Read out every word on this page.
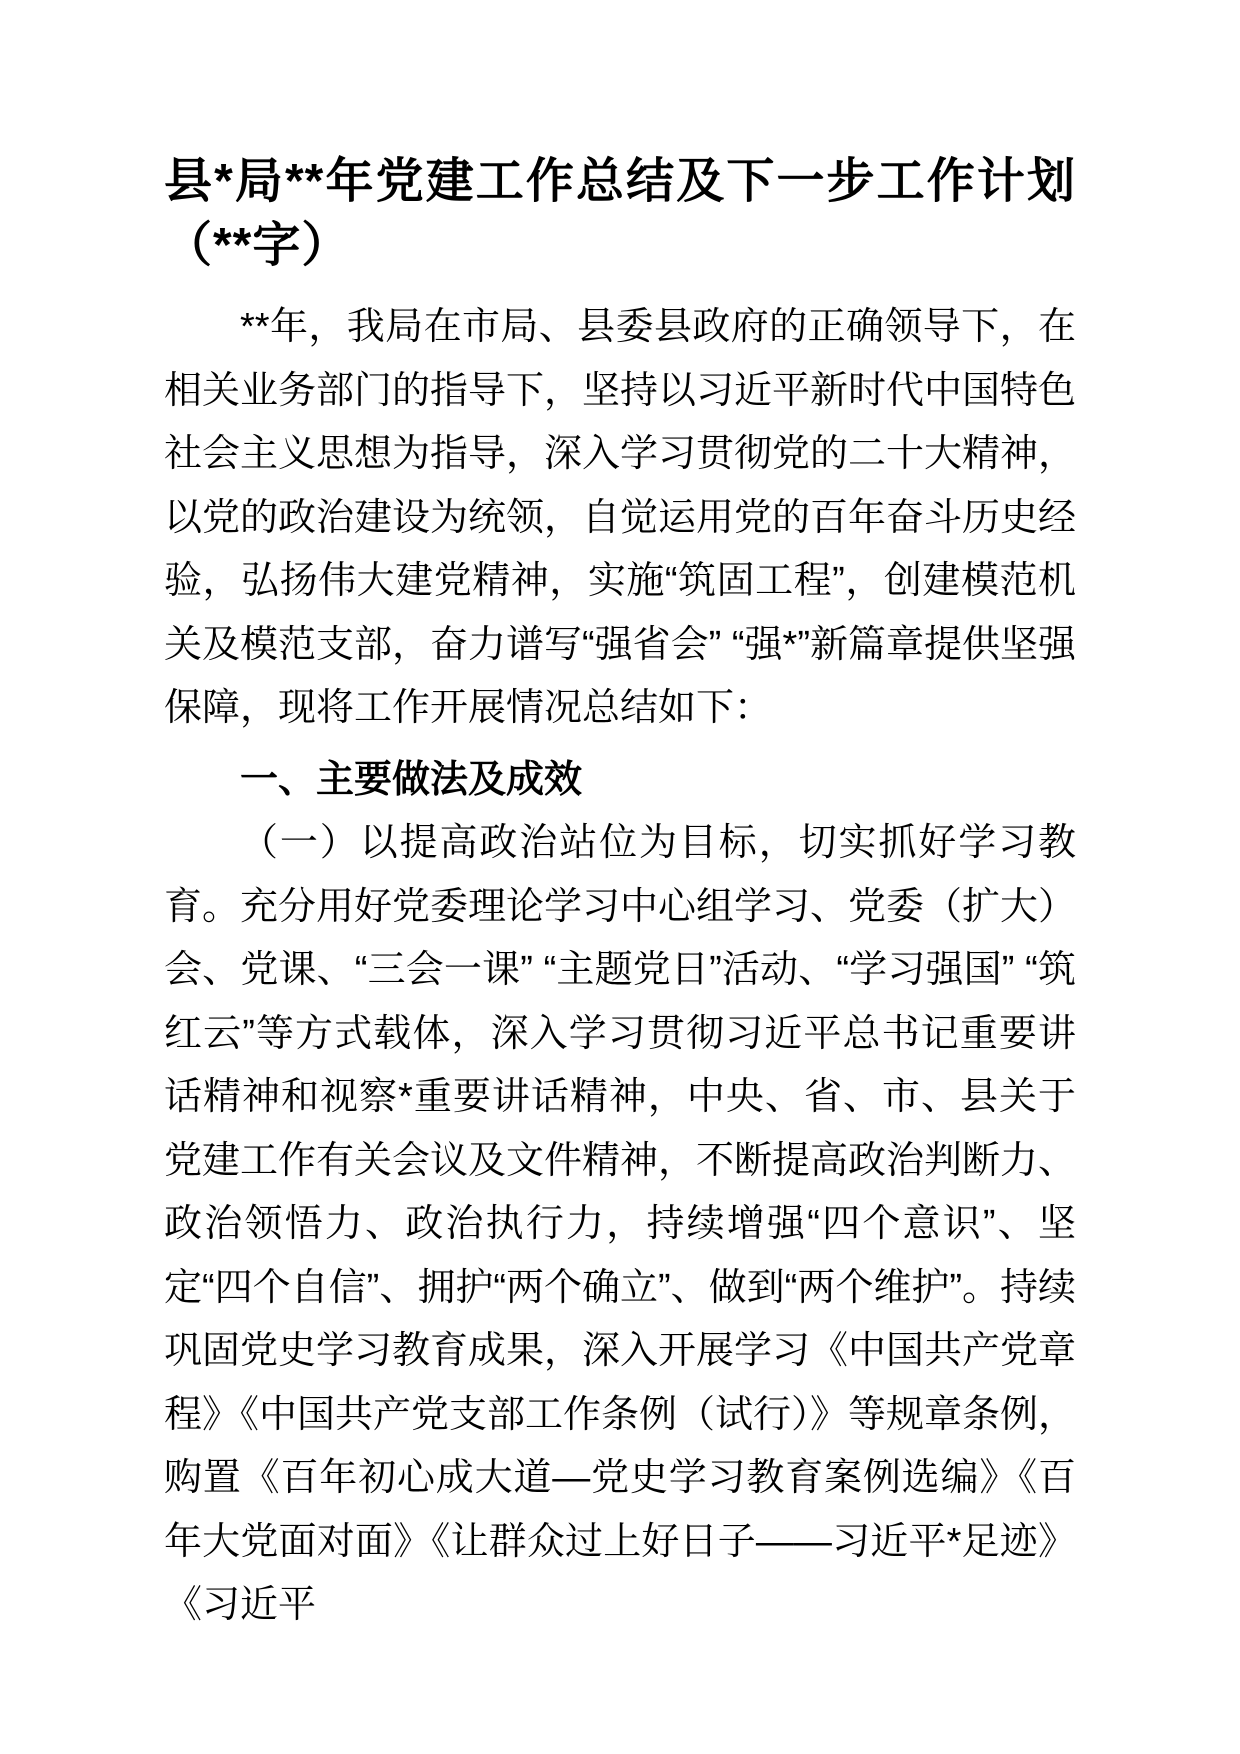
县*局**年党建工作总结及下一步工作计划（**字）

**年，我局在市局、县委县政府的正确领导下，在相关业务部门的指导下，坚持以习近平新时代中国特色社会主义思想为指导，深入学习贯彻党的二十大精神，以党的政治建设为统领，自觉运用党的百年奋斗历史经验，弘扬伟大建党精神，实施“筑固工程”，创建模范机关及模范支部，奋力谱写“强省会” “强*”新篇章提供坚强保障，现将工作开展情况总结如下：

一、主要做法及成效

（一）以提高政治站位为目标，切实抓好学习教育。充分用好党委理论学习中心组学习、党委（扩大）会、党课、“三会一课” “主题党日”活动、“学习强国” “筑红云”等方式载体，深入学习贯彻习近平总书记重要讲话精神和视察*重要讲话精神，中央、省、市、县关于党建工作有关会议及文件精神，不断提高政治判断力、政治领悟力、政治执行力，持续增强“四个意识”、坚定“四个自信”、拥护“两个确立”、做到“两个维护”。持续巩固党史学习教育成果，深入开展学习《中国共产党章程》《中国共产党支部工作条例（试行）》等规章条例，购置《百年初心成大道—党史学习教育案例选编》《百年大党面对面》《让群众过上好日子——习近平*足迹》《习近平
